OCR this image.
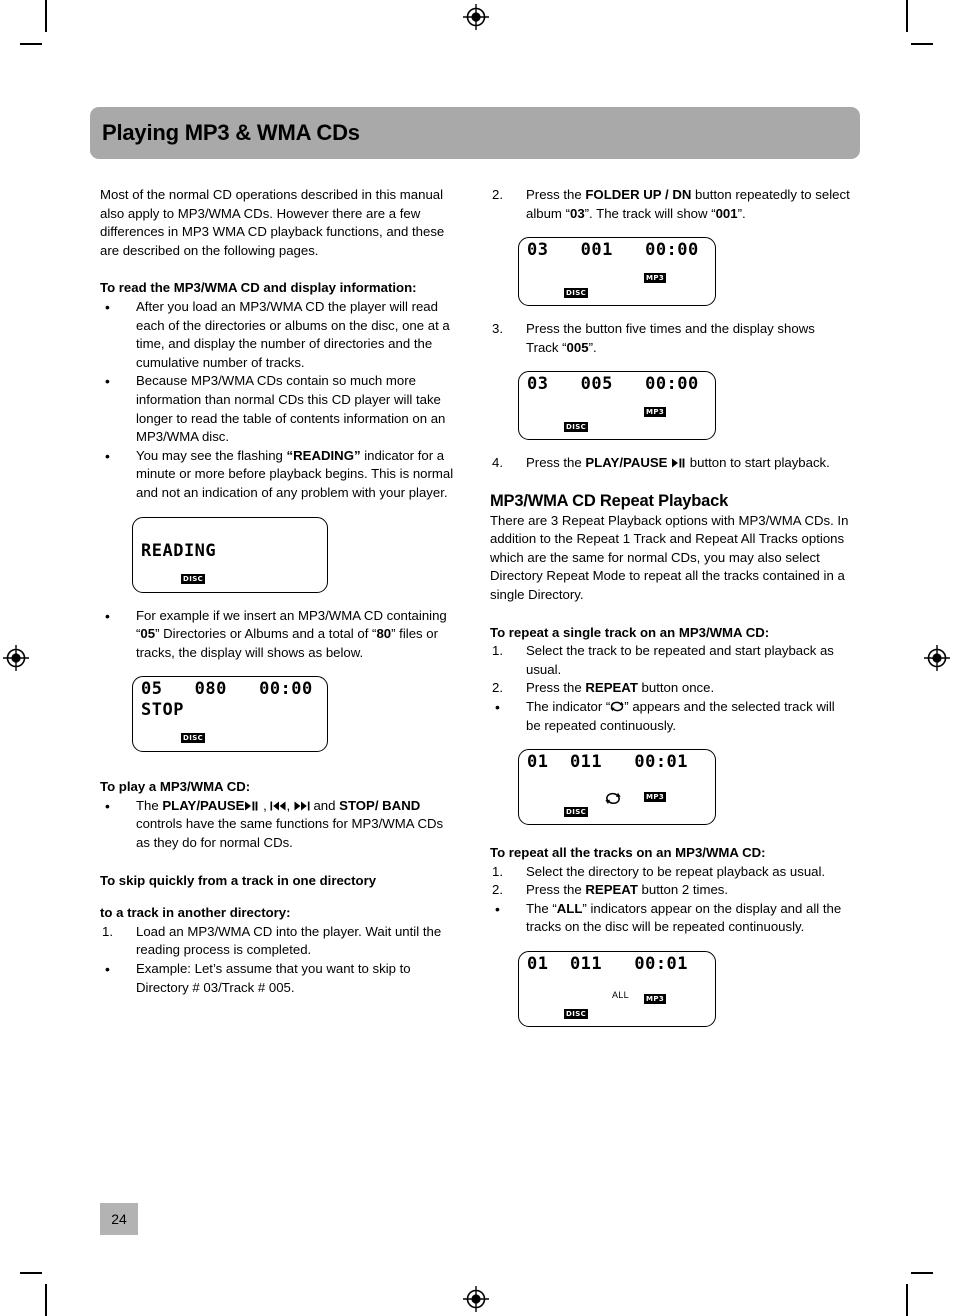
Playing MP3 & WMA CDs

Most of the normal CD operations described in this manual also apply to MP3/WMA CDs. However there are a few differences in MP3 WMA CD playback functions, and these are described on the following pages.

To read the MP3/WMA CD and display information:

•	After you load an MP3/WMA CD the player will read each of the directories or albums on the disc, one at a time, and display the number of directories and the cumulative number of tracks.
•	Because MP3/WMA CDs contain so much more information than normal CDs this CD player will take longer to read the table of contents information on an MP3/WMA disc.
•	You may see the flashing “READING” indicator for a minute or more before playback begins. This is normal and not an indication of any problem with your player.
READING
DISC
•	For example if we insert an MP3/WMA CD containing “05” Directories or Albums and a total of “80” files or tracks, the display will shows as below.
05   080   00:00
STOP
DISC

To play a MP3/WMA CD:

•	The PLAY/PAUSE , ,  and STOP/ BAND controls have the same functions for MP3/WMA CDs as they do for normal CDs.

To skip quickly from a track in one directory

to a track in another directory:

1.	Load an MP3/WMA CD into the player. Wait until the reading process is completed.
•	Example: Let’s assume that you want to skip to Directory # 03/Track # 005.
2.	Press the FOLDER UP / DN button repeatedly to select album “03”. The track will show “001”.
03   001   00:00
MP3
DISC
3.	Press the button five times and the display shows Track “005”.
03   005   00:00
MP3
DISC
4.	Press the PLAY/PAUSE  button to start playback.
MP3/WMA CD Repeat Playback

There are 3 Repeat Playback options with MP3/WMA CDs. In addition to the Repeat 1 Track and Repeat All Tracks options which are the same for normal CDs, you may also select Directory Repeat Mode to repeat all the tracks contained in a single Directory.

To repeat a single track on an MP3/WMA CD:

1.	Select the track to be repeated and start playback as usual.
2.	Press the REPEAT button once.
•	The indicator “ ” appears and the selected track will be repeated continuously.
01  011   00:01
MP3
DISC

To repeat all the tracks on an MP3/WMA CD:

1.	Select the directory to be repeat playback as usual.
2.	Press the REPEAT button 2 times.
•	The “ALL” indicators appear on the display and all the tracks on the disc will be repeated continuously.
01  011   00:01
ALL MP3
DISC
24
